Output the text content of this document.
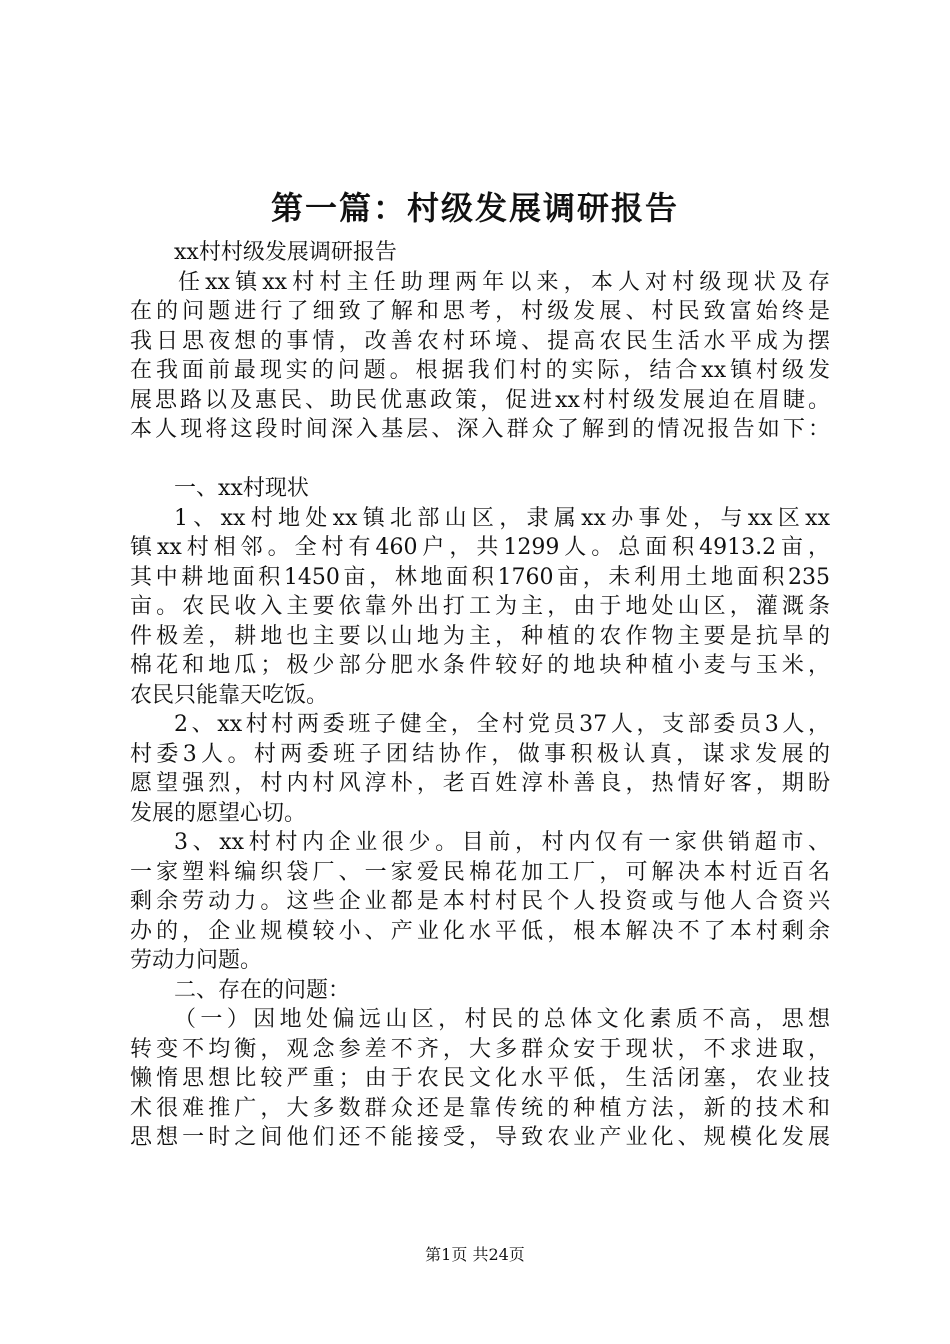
第一篇：村级发展调研报告
xx村村级发展调研报告
任xx镇xx村村主任助理两年以来，本人对村级现状及存
在的问题进行了细致了解和思考，村级发展、村民致富始终是
我日思夜想的事情，改善农村环境、提高农民生活水平成为摆
在我面前最现实的问题。根据我们村的实际，结合xx镇村级发
展思路以及惠民、助民优惠政策，促进xx村村级发展迫在眉睫。
本人现将这段时间深入基层、深入群众了解到的情况报告如下：
一、xx村现状
1、xx村地处xx镇北部山区，隶属xx办事处，与xx区xx
镇xx村相邻。全村有460户，共1299人。总面积4913.2亩，
其中耕地面积1450亩，林地面积1760亩，未利用土地面积235
亩。农民收入主要依靠外出打工为主，由于地处山区，灌溉条
件极差，耕地也主要以山地为主，种植的农作物主要是抗旱的
棉花和地瓜；极少部分肥水条件较好的地块种植小麦与玉米，
农民只能靠天吃饭。
2、xx村村两委班子健全，全村党员37人，支部委员3人，
村委3人。村两委班子团结协作，做事积极认真，谋求发展的
愿望强烈，村内村风淳朴，老百姓淳朴善良，热情好客，期盼
发展的愿望心切。
3、xx村村内企业很少。目前，村内仅有一家供销超市、
一家塑料编织袋厂、一家爱民棉花加工厂，可解决本村近百名
剩余劳动力。这些企业都是本村村民个人投资或与他人合资兴
办的，企业规模较小、产业化水平低，根本解决不了本村剩余
劳动力问题。
二、存在的问题：
（一）因地处偏远山区，村民的总体文化素质不高，思想
转变不均衡，观念参差不齐，大多群众安于现状，不求进取，
懒惰思想比较严重；由于农民文化水平低，生活闭塞，农业技
术很难推广，大多数群众还是靠传统的种植方法，新的技术和
思想一时之间他们还不能接受，导致农业产业化、规模化发展
第1页 共24页
